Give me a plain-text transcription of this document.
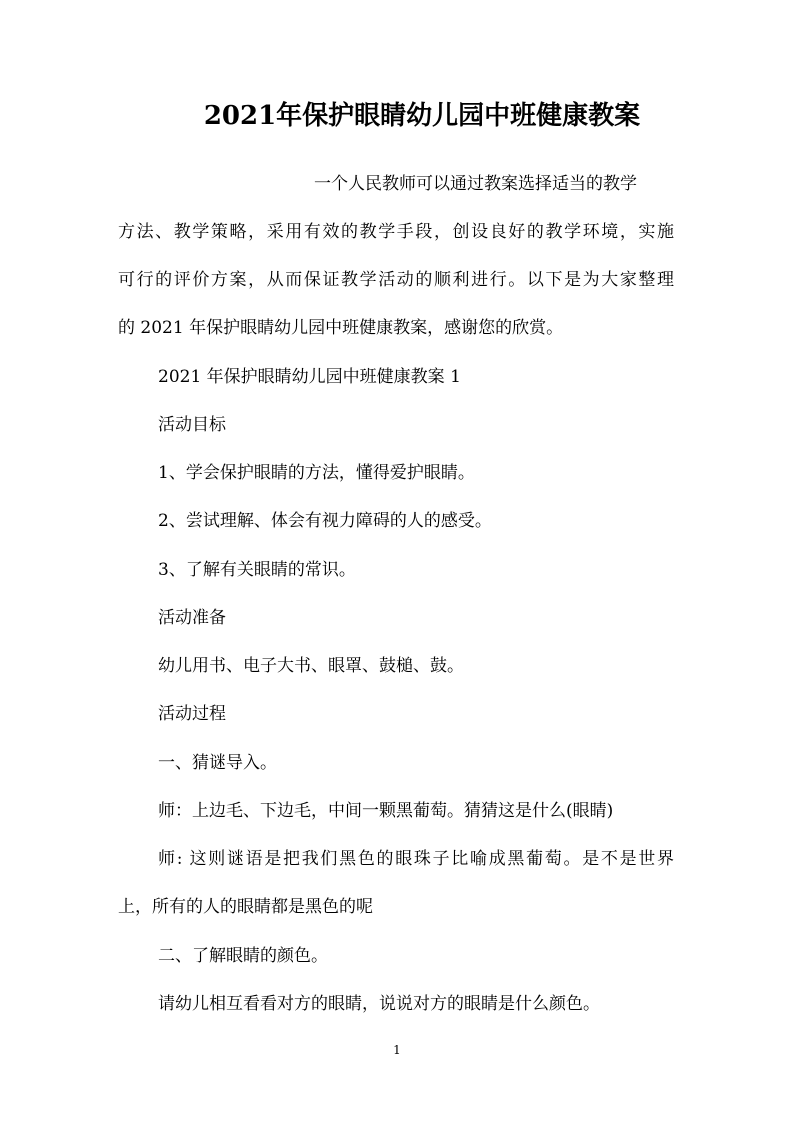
2021年保护眼睛幼儿园中班健康教案
一个人民教师可以通过教案选择适当的教学
方法、教学策略，采用有效的教学手段，创设良好的教学环境，实施
可行的评价方案，从而保证教学活动的顺利进行。以下是为大家整理
的 2021 年保护眼睛幼儿园中班健康教案，感谢您的欣赏。
2021 年保护眼睛幼儿园中班健康教案 1
活动目标
1、学会保护眼睛的方法，懂得爱护眼睛。
2、尝试理解、体会有视力障碍的人的感受。
3、了解有关眼睛的常识。
活动准备
幼儿用书、电子大书、眼罩、鼓槌、鼓。
活动过程
一、猜谜导入。
师：上边毛、下边毛，中间一颗黑葡萄。猜猜这是什么(眼睛)
师: 这则谜语是把我们黑色的眼珠子比喻成黑葡萄。是不是世界
上，所有的人的眼睛都是黑色的呢
二、了解眼睛的颜色。
请幼儿相互看看对方的眼睛，说说对方的眼睛是什么颜色。
1
